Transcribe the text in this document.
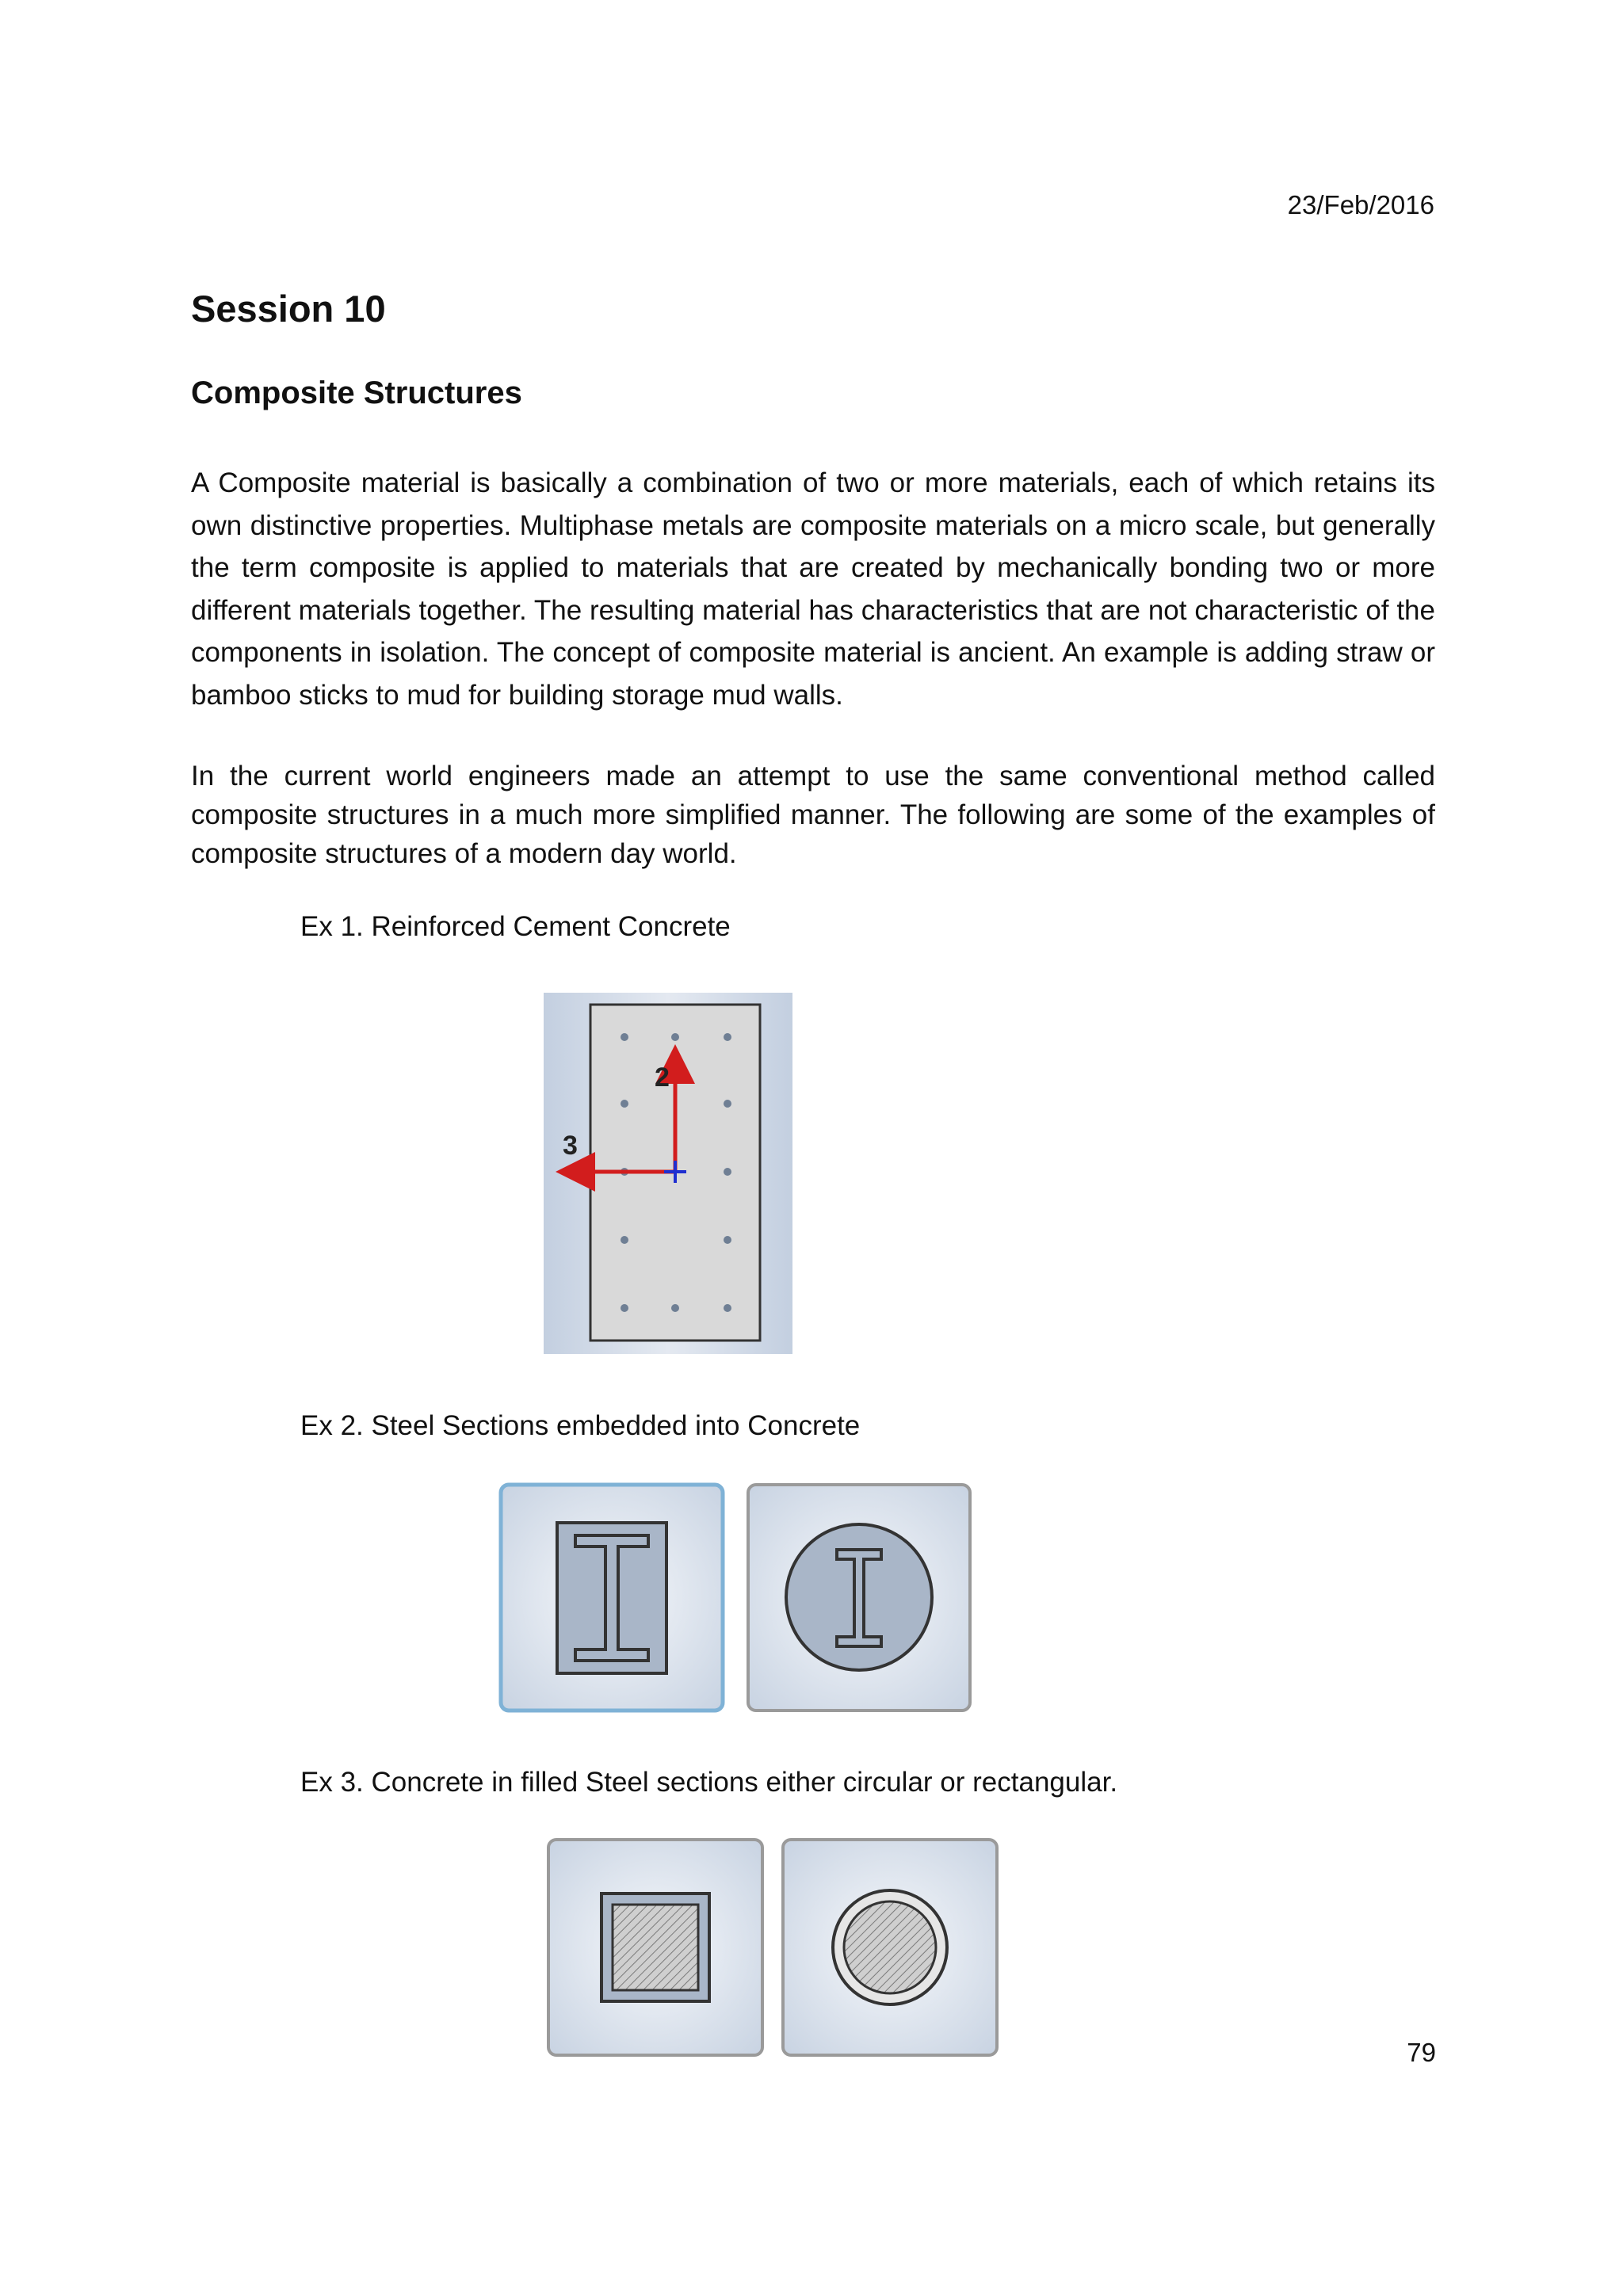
23/Feb/2016
Session 10
Composite Structures

A Composite material is basically a combination of two or more materials, each of which retains its own distinctive properties. Multiphase metals are composite materials on a micro scale, but generally the term composite is applied to materials that are created by mechanically bonding two or more different materials together. The resulting material has characteristics that are not characteristic of the components in isolation. The concept of composite material is ancient. An example is adding straw or bamboo sticks to mud for building storage mud walls.

In the current world engineers made an attempt to use the same conventional method called composite structures in a much more simplified manner. The following are some of the examples of composite structures of a modern day world.

Ex 1. Reinforced Cement Concrete

2
3

Ex 2. Steel Sections embedded into Concrete

Ex 3. Concrete in filled Steel sections either circular or rectangular.

79
